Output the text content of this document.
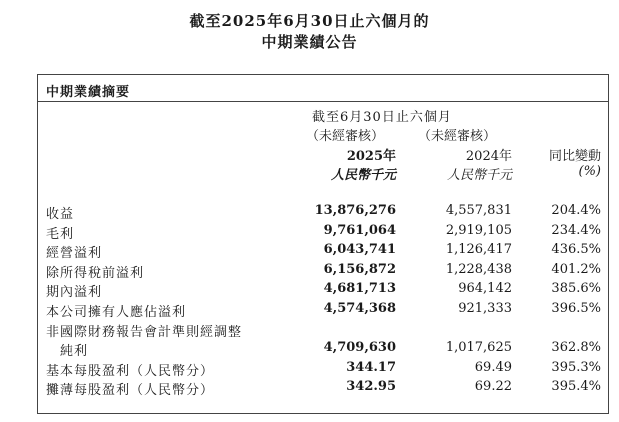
截至2025年6月30日止六個月的
中期業績公告
中期業績摘要
截至6月30日止六個月
（未經審核）	（未經審核）
2025年	2024年	同比變動
人民幣千元	人民幣千元	(%)
收益	13,876,276	4,557,831	204.4%
毛利	9,761,064	2,919,105	234.4%
經營溢利	6,043,741	1,126,417	436.5%
除所得稅前溢利	6,156,872	1,228,438	401.2%
期內溢利	4,681,713	964,142	385.6%
本公司擁有人應佔溢利	4,574,368	921,333	396.5%
非國際財務報告會計準則經調整
　純利	4,709,630	1,017,625	362.8%
基本每股盈利（人民幣分）	344.17	69.49	395.3%
攤薄每股盈利（人民幣分）	342.95	69.22	395.4%
